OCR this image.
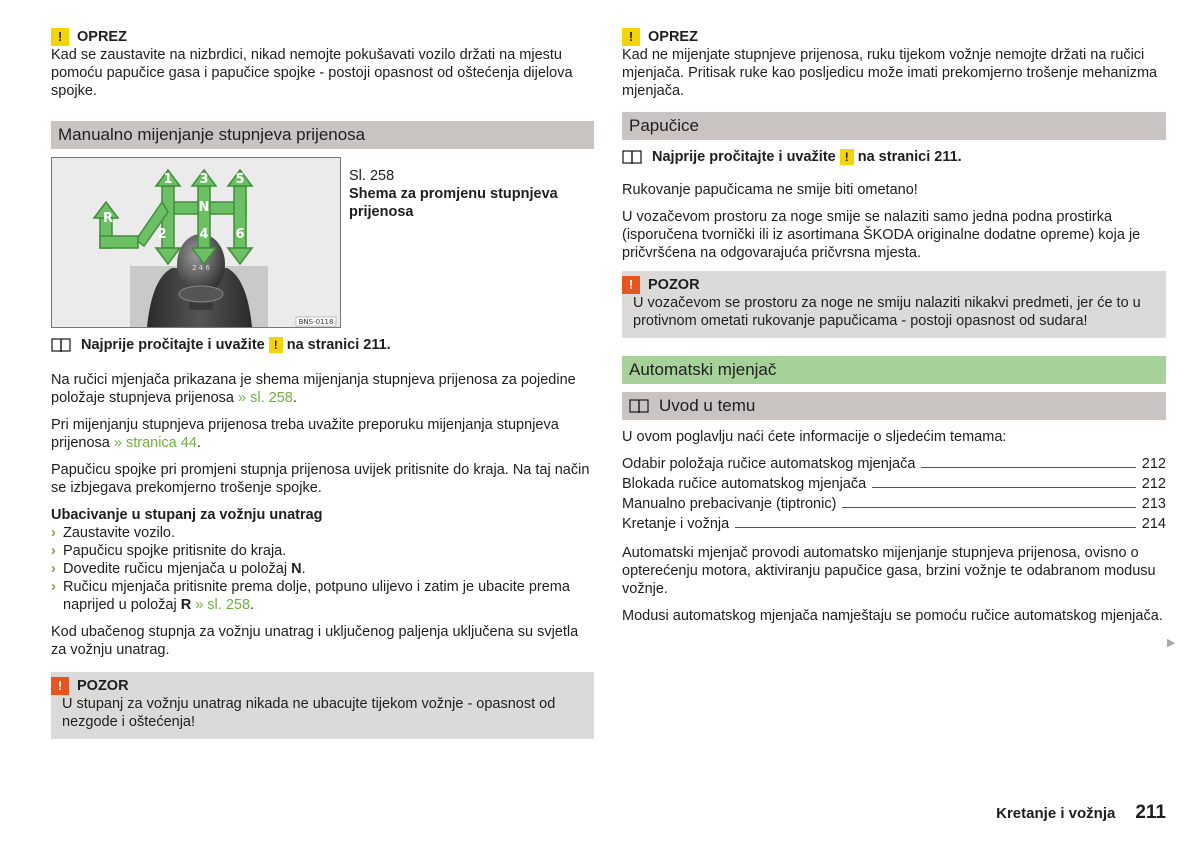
!	OPREZ

Kad se zaustavite na nizbrdici, nikad nemojte pokušavati vozilo držati na mjestu pomoću papučice gasa i papučice spojke - postoji opasnost od oštećenja dijelova spojke.

Manualno mijenjanje stupnjeva prijenosa
Najprije pročitajte i uvažite ! na stranici 211.

Na ručici mjenjača prikazana je shema mijenjanja stupnjeva prijenosa za pojedine položaje stupnjeva prijenosa » sl. 258.

Pri mijenjanju stupnjeva prijenosa treba uvažite preporuku mijenjanja stupnjeva prijenosa » stranica 44.

Papučicu spojke pri promjeni stupnja prijenosa uvijek pritisnite do kraja. Na taj način se izbjegava prekomjerno trošenje spojke.

Ubacivanje u stupanj za vožnju unatrag

› Zaustavite vozilo.
› Papučicu spojke pritisnite do kraja.
› Dovedite ručicu mjenjača u položaj N.
› Ručicu mjenjača pritisnite prema dolje, potpuno ulijevo i zatim je ubacite prema naprijed u položaj R » sl. 258.

Kod ubačenog stupnja za vožnju unatrag i uključenog paljenja uključena su svjetla za vožnju unatrag.

!	POZOR

U stupanj za vožnju unatrag nikada ne ubacujte tijekom vožnje - opasnost od nezgode i oštećenja!

2 4 6
1 3 5
N
R
2	4 6
BNS-0118

Sl. 258

Shema za promjenu stupnjeva prijenosa

!	OPREZ

Kad ne mijenjate stupnjeve prijenosa, ruku tijekom vožnje nemojte držati na ručici mjenjača. Pritisak ruke kao posljedicu može imati prekomjerno trošenje mehanizma mjenjača.

Papučice
Najprije pročitajte i uvažite ! na stranici 211.

Rukovanje papučicama ne smije biti ometano!

U vozačevom prostoru za noge smije se nalaziti samo jedna podna prostirka (isporučena tvornički ili iz asortimana ŠKODA originalne dodatne opreme) koja je pričvršćena na odgovarajuća pričvrsna mjesta.

!	POZOR

U vozačevom se prostoru za noge ne smiju nalaziti nikakvi predmeti, jer će to u protivnom ometati rukovanje papučicama - postoji opasnost od sudara!

Automatski mjenjač
Uvod u temu

U ovom poglavlju naći ćete informacije o sljedećim temama:

Odabir položaja ručice automatskog mjenjača	212
Blokada ručice automatskog mjenjača	212
Manualno prebacivanje (tiptronic)	213
Kretanje i vožnja	214

Automatski mjenjač provodi automatsko mijenjanje stupnjeva prijenosa, ovisno o opterećenju motora, aktiviranju papučice gasa, brzini vožnje te odabranom modusu vožnje.

Modusi automatskog mjenjača namještaju se pomoću ručice automatskog mjenjača.

▶
Kretanje i vožnja 211
